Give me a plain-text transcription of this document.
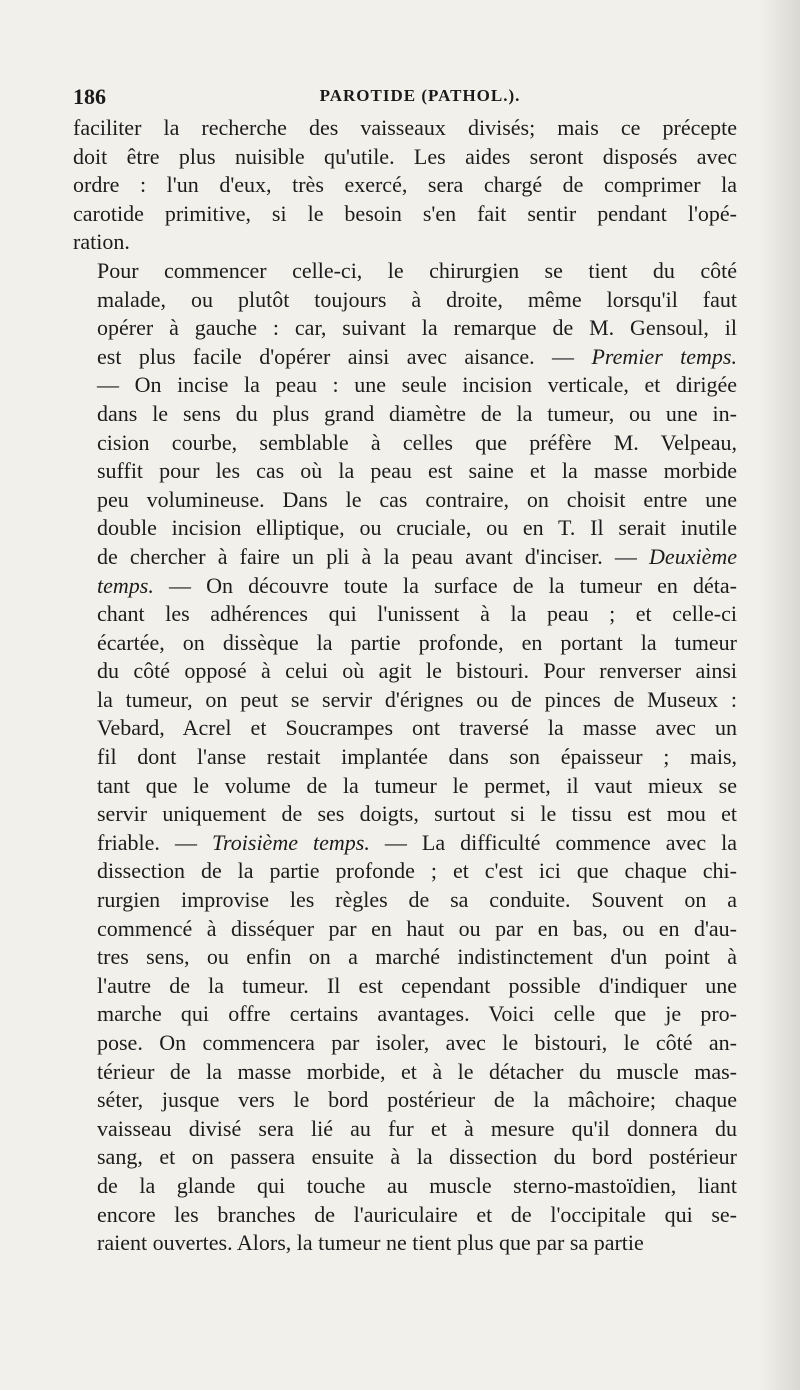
186	PAROTIDE (PATHOL.).
faciliter la recherche des vaisseaux divisés; mais ce précepte
doit être plus nuisible qu'utile. Les aides seront disposés avec
ordre : l'un d'eux, très exercé, sera chargé de comprimer la
carotide primitive, si le besoin s'en fait sentir pendant l'opé-
ration.
Pour commencer celle-ci, le chirurgien se tient du côté
malade, ou plutôt toujours à droite, même lorsqu'il faut
opérer à gauche : car, suivant la remarque de M. Gensoul, il
est plus facile d'opérer ainsi avec aisance. — Premier temps.
— On incise la peau : une seule incision verticale, et dirigée
dans le sens du plus grand diamètre de la tumeur, ou une in-
cision courbe, semblable à celles que préfère M. Velpeau,
suffit pour les cas où la peau est saine et la masse morbide
peu volumineuse. Dans le cas contraire, on choisit entre une
double incision elliptique, ou cruciale, ou en T. Il serait inutile
de chercher à faire un pli à la peau avant d'inciser. — Deuxième
temps. — On découvre toute la surface de la tumeur en déta-
chant les adhérences qui l'unissent à la peau ; et celle-ci
écartée, on dissèque la partie profonde, en portant la tumeur
du côté opposé à celui où agit le bistouri. Pour renverser ainsi
la tumeur, on peut se servir d'érignes ou de pinces de Museux :
Vebard, Acrel et Soucrampes ont traversé la masse avec un
fil dont l'anse restait implantée dans son épaisseur ; mais,
tant que le volume de la tumeur le permet, il vaut mieux se
servir uniquement de ses doigts, surtout si le tissu est mou et
friable. — Troisième temps. — La difficulté commence avec la
dissection de la partie profonde ; et c'est ici que chaque chi-
rurgien improvise les règles de sa conduite. Souvent on a
commencé à disséquer par en haut ou par en bas, ou en d'au-
tres sens, ou enfin on a marché indistinctement d'un point à
l'autre de la tumeur. Il est cependant possible d'indiquer une
marche qui offre certains avantages. Voici celle que je pro-
pose. On commencera par isoler, avec le bistouri, le côté an-
térieur de la masse morbide, et à le détacher du muscle mas-
séter, jusque vers le bord postérieur de la mâchoire; chaque
vaisseau divisé sera lié au fur et à mesure qu'il donnera du
sang, et on passera ensuite à la dissection du bord postérieur
de la glande qui touche au muscle sterno-mastoïdien, liant
encore les branches de l'auriculaire et de l'occipitale qui se-
raient ouvertes. Alors, la tumeur ne tient plus que par sa partie
